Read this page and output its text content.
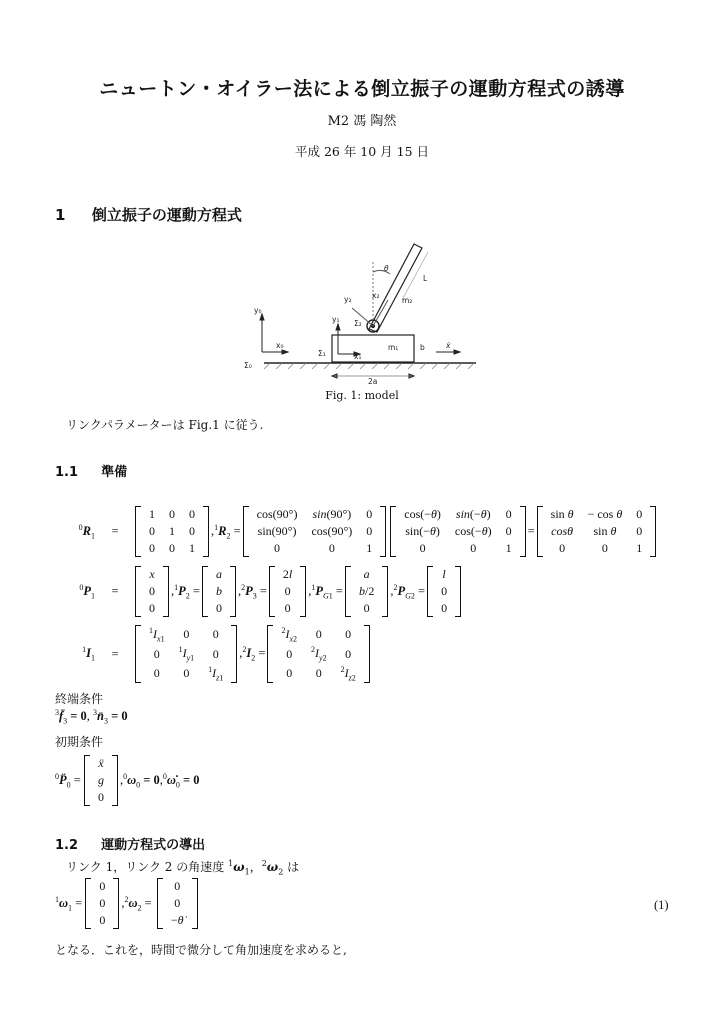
ニュートン・オイラー法による倒立振子の運動方程式の誘導
M2 馮 陶然
平成 26 年 10 月 15 日
1 倒立振子の運動方程式
θ
L
x₂
y₂	m₂
Σ₂
y₁
Σ₁
m₁	b
x₁
ẋ
y₀
x₀
Σ₀
2a
Fig. 1: model
リンクパラメーターは Fig.1 に従う.
1.1 準備
$^0R_1$	=
1	0	0
0	1	0
0	0	1
$,^1R_2$ =
cos(90°)	sin(90°)	0
sin(90°)	cos(90°)	0
0	0	1
cos(−θ)	sin(−θ)	0
sin(−θ)	cos(−θ)	0
0	0	1
=
sin θ	− cos θ	0
cosθ	sin θ	0
0	0	1
$^0P_1$	=
x
0
0
$,^1P_2$ =
a
b
0
$,^2P_3$ =
2l
0
0
$,^1P_{G1}$ =
a
b/2
0
$,^2P_{G2}$ =
l
0
0
$^1I_1$	=
$^1I_{x1}$	0	0
0	$^1I_{y1}$	0
0	0	$^1I_{z1}$
$,^2I_2$ =
$^2I_{x2}$	0	0
0	$^2I_{y2}$	0
0	0	$^2I_{z2}$
終端条件
$^3f̄_3 = 0$, $^3n̄_3 = 0$
初期条件
$^0P̈_0$ =
ẍ
g
0
$,^0\omega_0$ = $0,^0\omegȧ_0 = 0$
1.2 運動方程式の導出
リンク 1，リンク 2 の角速度 $^1\omega_1$，$^2\omega_2$ は
$^1\omega_1$ =
0
0
0
$,^2\omega_2$ =
0
0
−θ̇
(1)
となる．これを，時間で微分して角加速度を求めると,
